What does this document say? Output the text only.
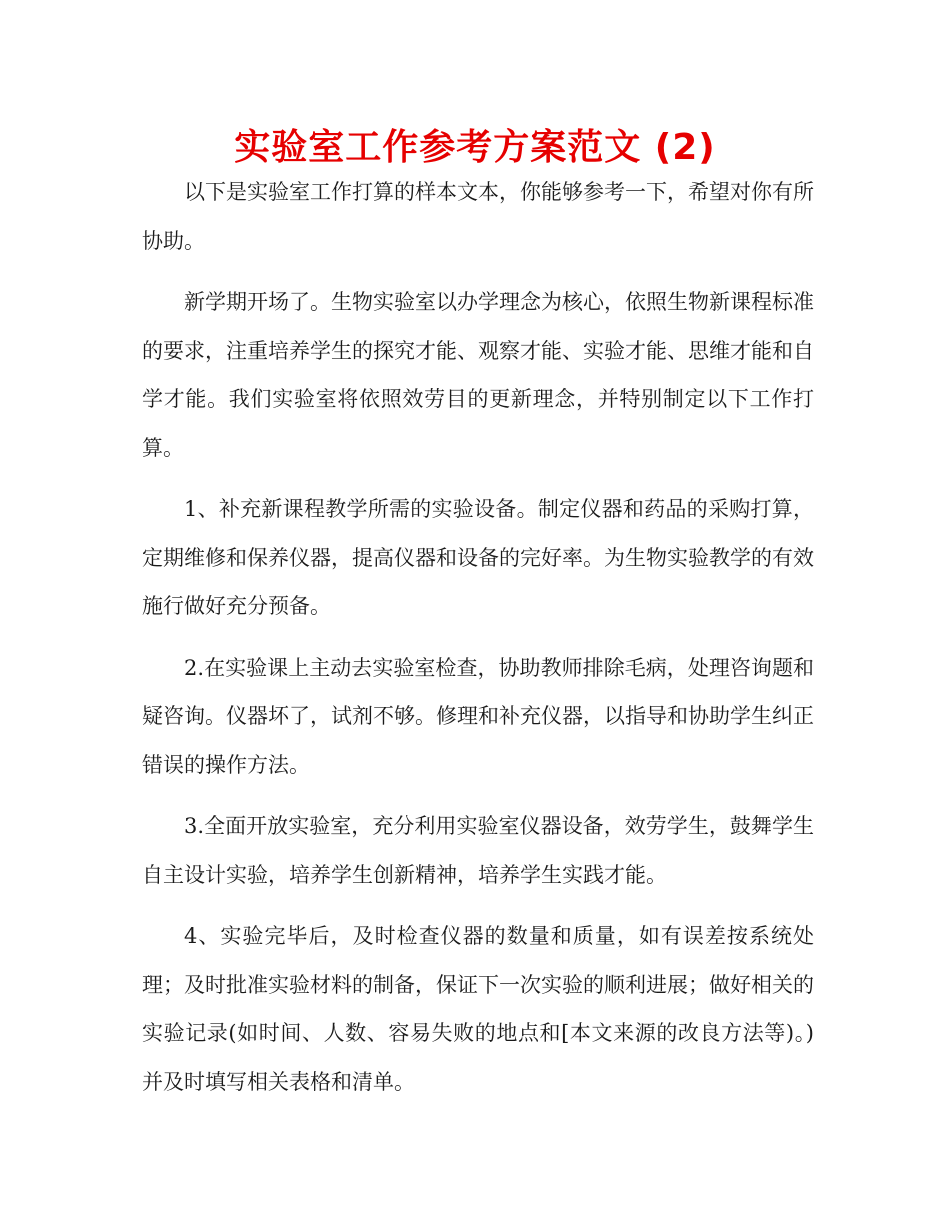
实验室工作参考方案范文 (2)

以下是实验室工作打算的样本文本，你能够参考一下，希望对你有所协助。

新学期开场了。生物实验室以办学理念为核心，依照生物新课程标准的要求，注重培养学生的探究才能、观察才能、实验才能、思维才能和自学才能。我们实验室将依照效劳目的更新理念，并特别制定以下工作打算。

1、补充新课程教学所需的实验设备。制定仪器和药品的采购打算，定期维修和保养仪器，提高仪器和设备的完好率。为生物实验教学的有效施行做好充分预备。

2.在实验课上主动去实验室检查，协助教师排除毛病，处理咨询题和疑咨询。仪器坏了，试剂不够。修理和补充仪器，以指导和协助学生纠正错误的操作方法。

3.全面开放实验室，充分利用实验室仪器设备，效劳学生，鼓舞学生自主设计实验，培养学生创新精神，培养学生实践才能。

4、实验完毕后，及时检查仪器的数量和质量，如有误差按系统处理；及时批准实验材料的制备，保证下一次实验的顺利进展；做好相关的实验记录(如时间、人数、容易失败的地点和[本文来源的改良方法等)。)并及时填写相关表格和清单。
